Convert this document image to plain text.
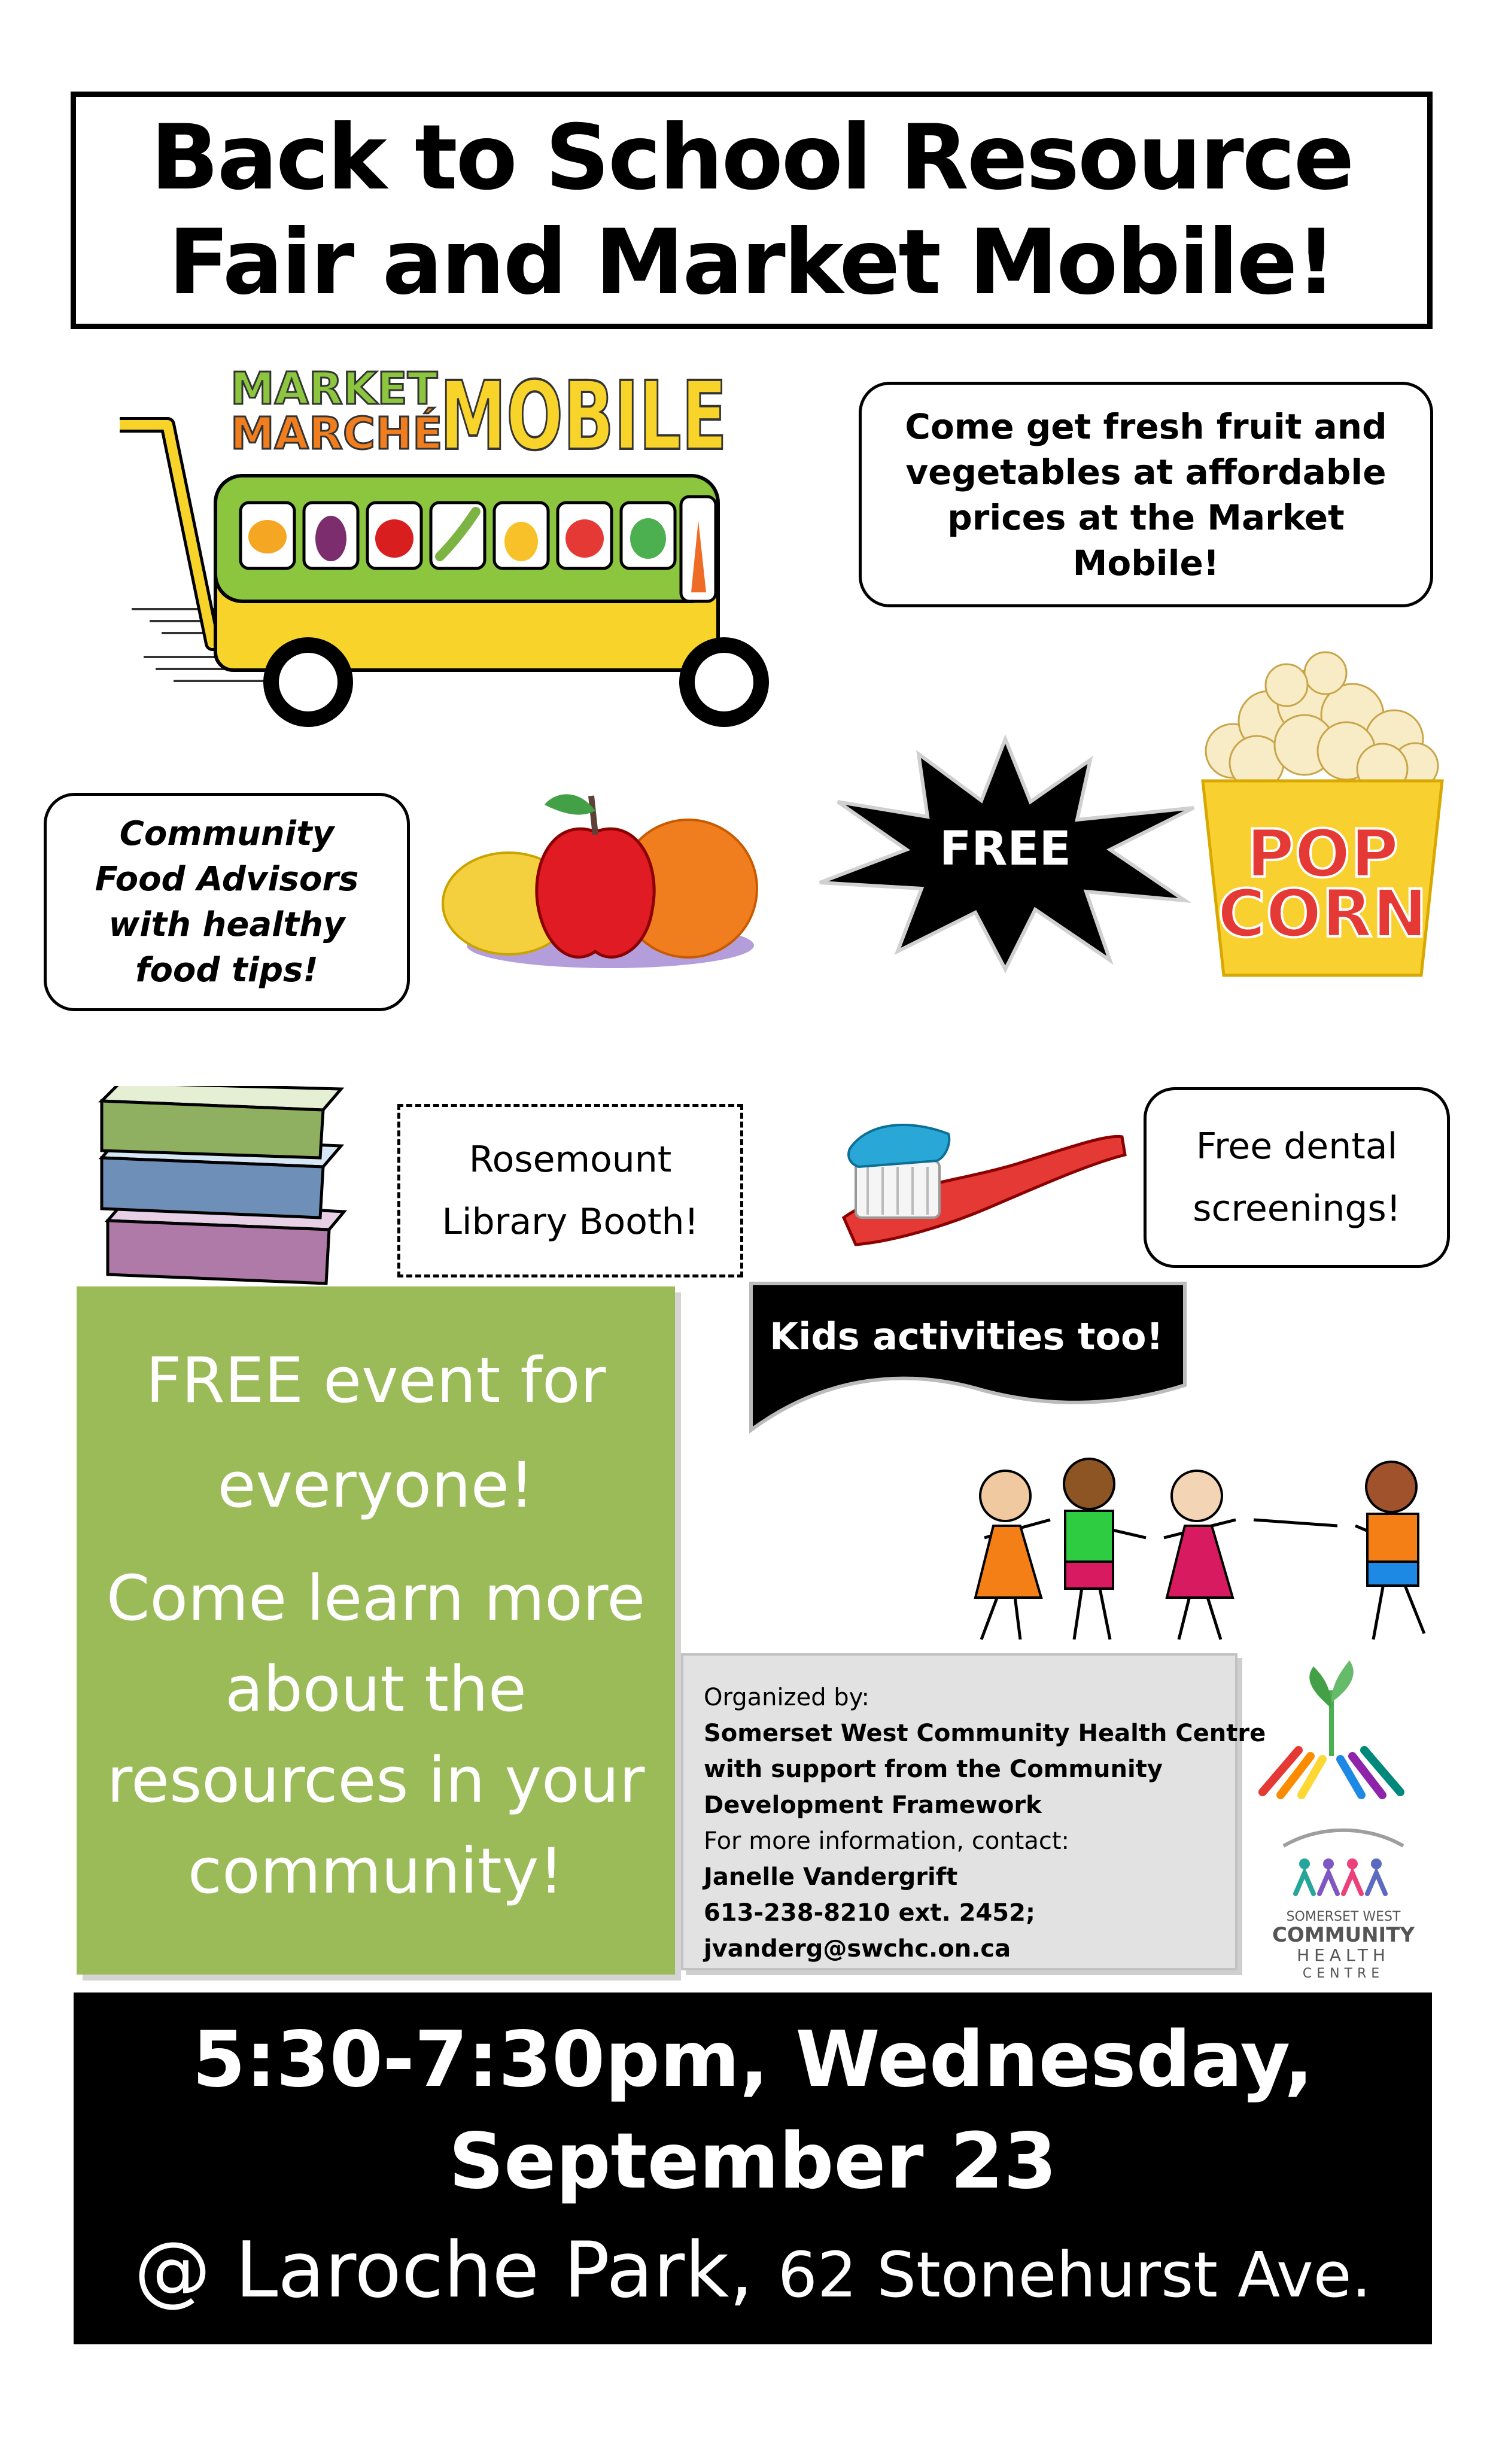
Back to School Resource
Fair and Market Mobile!
MARKET
MARCHÉ
MOBILE	Come get fresh fruit and
vegetables at affordable
prices at the Market
Mobile!
Community
Food Advisors
with healthy
food tips!
FREE	POP
CORN
Rosemount
Library Booth!
Free dental
screenings!
Kids activities too!
FREE event for
everyone!
Come learn more
about the
resources in your
community!
Organized by:
Somerset West Community Health Centre
with support from the Community
Development Framework
For more information, contact:
Janelle Vandergrift
613-238-8210 ext. 2452;
jvanderg@swchc.on.ca
SOMERSET WEST
COMMUNITY
HEALTH
CENTRE
5:30-7:30pm, Wednesday,
September 23
@ Laroche Park, 62 Stonehurst Ave.
